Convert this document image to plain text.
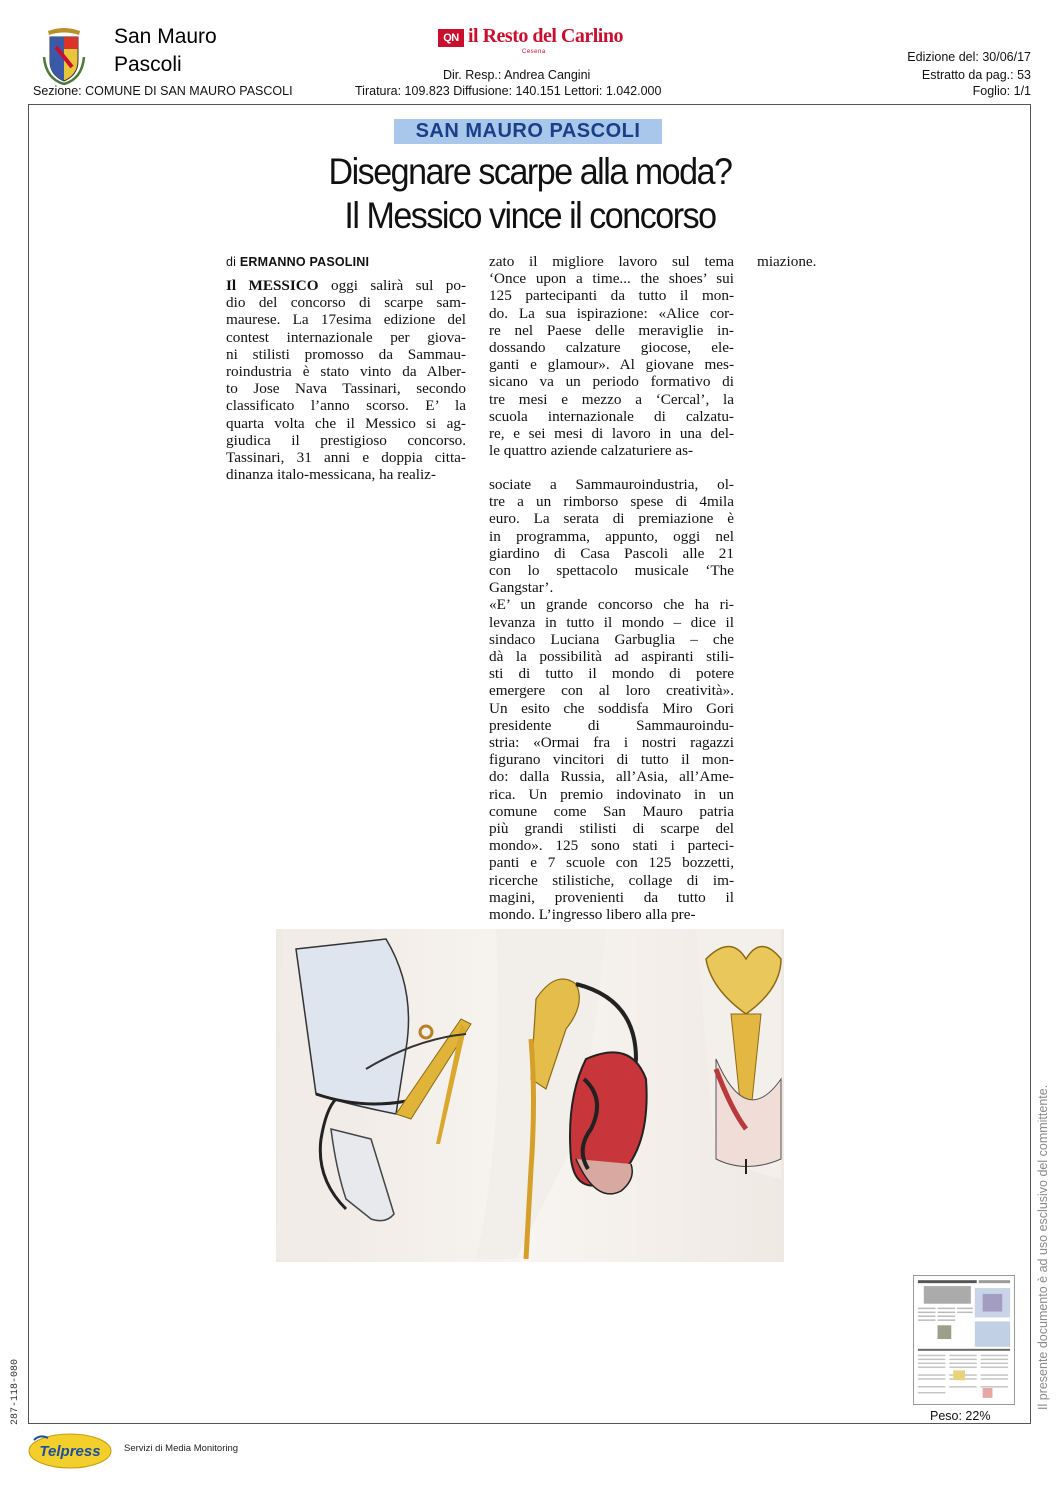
San Mauro
Pascoli
QN il Resto del Carlino
Cesena
Dir. Resp.: Andrea Cangini
Edizione del: 30/06/17
Estratto da pag.: 53
Sezione: COMUNE DI SAN MAURO PASCOLI	Tiratura: 109.823 Diffusione: 140.151 Lettori: 1.042.000	Foglio: 1/1
SAN MAURO PASCOLI
Disegnare scarpe alla moda?
Il Messico vince il concorso
di ERMANNO PASOLINI
Il MESSICO oggi salirà sul po-
dio del concorso di scarpe sam-
maurese. La 17esima edizione del
contest internazionale per giova-
ni stilisti promosso da Sammau-
roindustria è stato vinto da Alber-
to Jose Nava Tassinari, secondo
classificato l’anno scorso. E’ la
quarta volta che il Messico si ag-
giudica il prestigioso concorso.
Tassinari, 31 anni e doppia citta-
dinanza italo-messicana, ha realiz-
zato il migliore lavoro sul tema
‘Once upon a time... the shoes’ sui
125 partecipanti da tutto il mon-
do. La sua ispirazione: «Alice cor-
re nel Paese delle meraviglie in-
dossando calzature giocose, ele-
ganti e glamour». Al giovane mes-
sicano va un periodo formativo di
tre mesi e mezzo a ‘Cercal’, la
scuola internazionale di calzatu-
re, e sei mesi di lavoro in una del-
le quattro aziende calzaturiere as-
sociate a Sammauroindustria, ol-
tre a un rimborso spese di 4mila
euro. La serata di premiazione è
in programma, appunto, oggi nel
giardino di Casa Pascoli alle 21
con lo spettacolo musicale ‘The
Gangstar’.
«E’ un grande concorso che ha ri-
levanza in tutto il mondo – dice il
sindaco Luciana Garbuglia – che
dà la possibilità ad aspiranti stili-
sti di tutto il mondo di potere
emergere con al loro creatività».
Un esito che soddisfa Miro Gori
presidente di Sammauroindu-
stria: «Ormai fra i nostri ragazzi
figurano vincitori di tutto il mon-
do: dalla Russia, all’Asia, all’Ame-
rica. Un premio indovinato in un
comune come San Mauro patria
più grandi stilisti di scarpe del
mondo». 125 sono stati i parteci-
panti e 7 scuole con 125 bozzetti,
ricerche stilistiche, collage di im-
magini, provenienti da tutto il
mondo. L’ingresso libero alla pre-
miazione.
Il presente documento è ad uso esclusivo del committente.
287-118-080	Peso: 22%
Telpress Servizi di Media Monitoring
